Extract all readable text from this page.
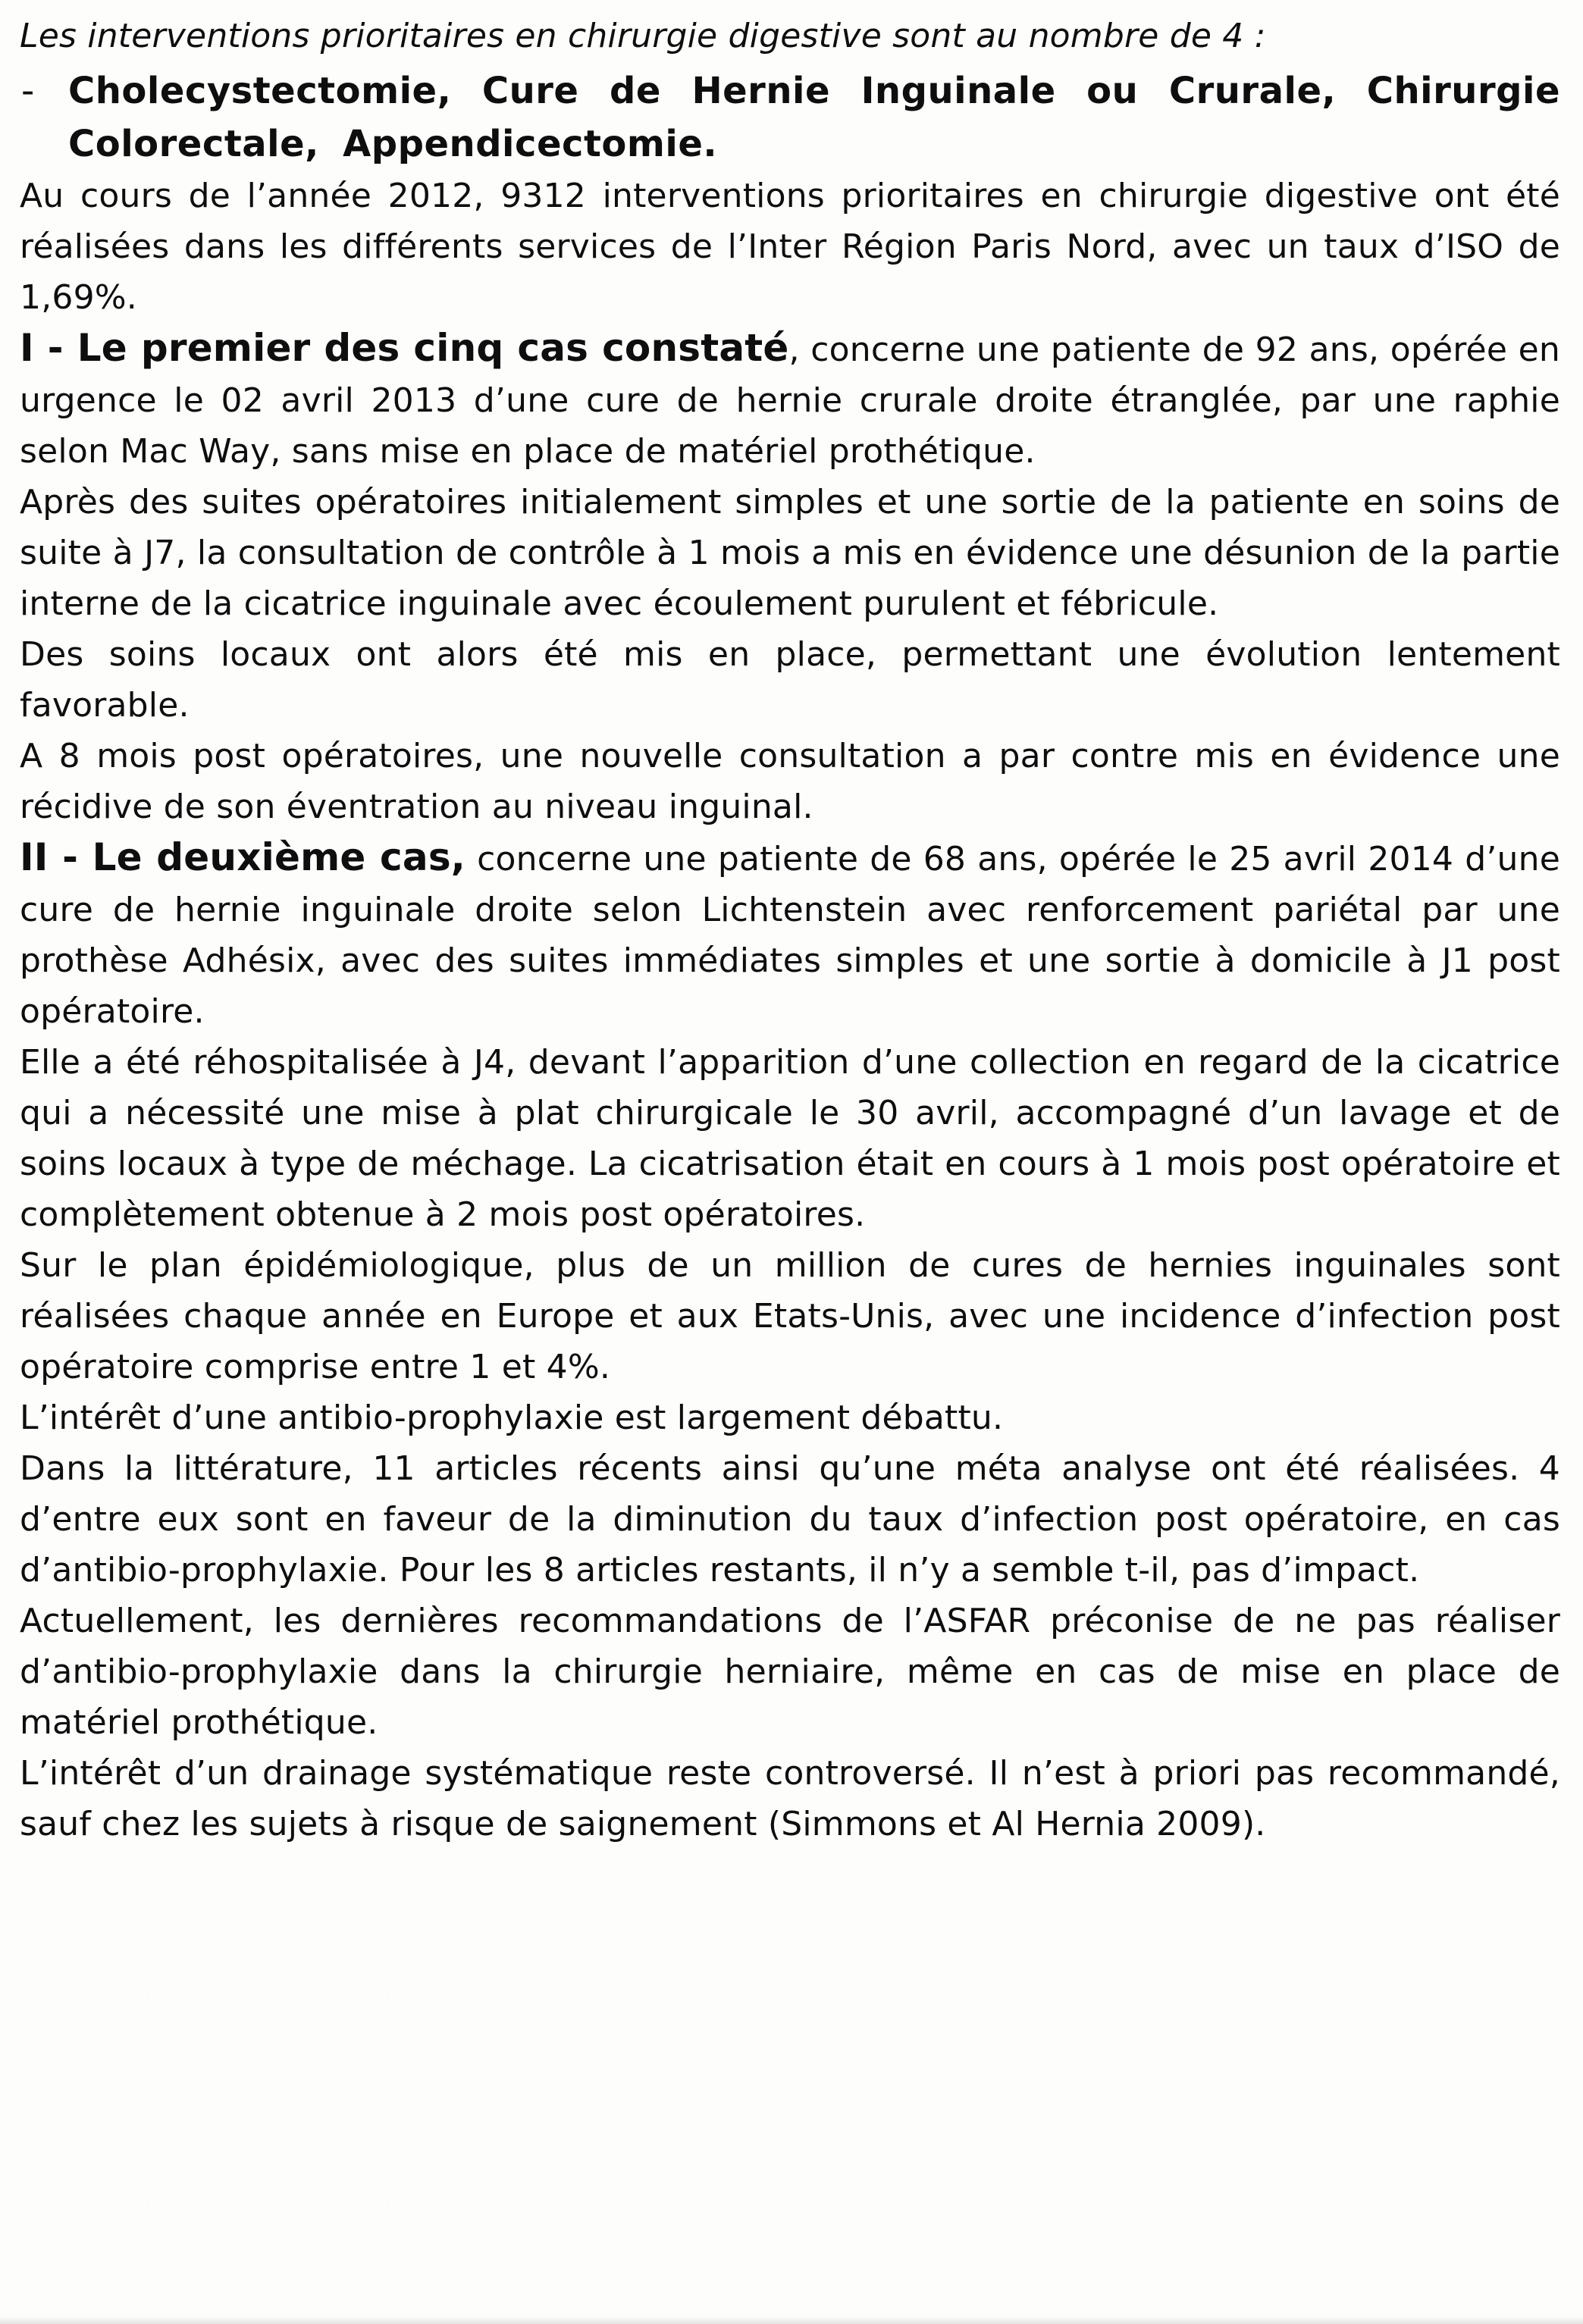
Les interventions prioritaires en chirurgie digestive sont au nombre de 4 :

- Cholecystectomie, Cure de Hernie Inguinale ou Crurale, Chirurgie Colorectale, Appendicectomie.

Au cours de l’année 2012, 9312 interventions prioritaires en chirurgie digestive ont été réalisées dans les différents services de l’Inter Région Paris Nord, avec un taux d’ISO de 1,69%.

I - Le premier des cinq cas constaté, concerne une patiente de 92 ans, opérée en urgence le 02 avril 2013 d’une cure de hernie crurale droite étranglée, par une raphie selon Mac Way, sans mise en place de matériel prothétique.

Après des suites opératoires initialement simples et une sortie de la patiente en soins de suite à J7, la consultation de contrôle à 1 mois a mis en évidence une désunion de la partie interne de la cicatrice inguinale avec écoulement purulent et fébricule.

Des soins locaux ont alors été mis en place, permettant une évolution lentement favorable.

A 8 mois post opératoires, une nouvelle consultation a par contre mis en évidence une récidive de son éventration au niveau inguinal.

II - Le deuxième cas, concerne une patiente de 68 ans, opérée le 25 avril 2014 d’une cure de hernie inguinale droite selon Lichtenstein avec renforcement pariétal par une prothèse Adhésix, avec des suites immédiates simples et une sortie à domicile à J1 post opératoire.

Elle a été réhospitalisée à J4, devant l’apparition d’une collection en regard de la cicatrice qui a nécessité une mise à plat chirurgicale le 30 avril, accompagné d’un lavage et de soins locaux à type de méchage. La cicatrisation était en cours à 1 mois post opératoire et complètement obtenue à 2 mois post opératoires.

Sur le plan épidémiologique, plus de un million de cures de hernies inguinales sont réalisées chaque année en Europe et aux Etats-Unis, avec une incidence d’infection post opératoire comprise entre 1 et 4%.

L’intérêt d’une antibio-prophylaxie est largement débattu.

Dans la littérature, 11 articles récents ainsi qu’une méta analyse ont été réalisées. 4 d’entre eux sont en faveur de la diminution du taux d’infection post opératoire, en cas d’antibio-prophylaxie. Pour les 8 articles restants, il n’y a semble t-il, pas d’impact.

Actuellement, les dernières recommandations de l’ASFAR préconise de ne pas réaliser d’antibio-prophylaxie dans la chirurgie herniaire, même en cas de mise en place de matériel prothétique.

L’intérêt d’un drainage systématique reste controversé. Il n’est à priori pas recommandé, sauf chez les sujets à risque de saignement (Simmons et Al Hernia 2009).
